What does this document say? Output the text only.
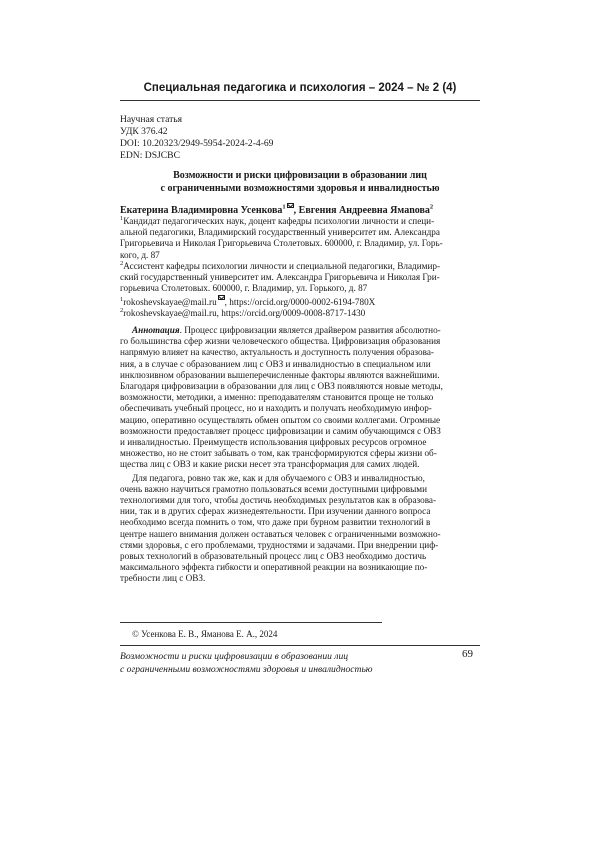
Специальная педагогика и психология – 2024 – № 2 (4)
Научная статья
УДК 376.42
DOI: 10.20323/2949-5954-2024-2-4-69
EDN: DSJCBC
Возможности и риски цифровизации в образовании лиц
с ограниченными возможностями здоровья и инвалидностью
Екатерина Владимировна Усенкова$^1$ , Евгения Андреевна Ямanова$^2$
$^1$Кандидат педагогических наук, доцент кафедры психологии личности и специ-
альной педагогики, Владимирский государственный университет им. Александра
Григорьевича и Николая Григорьевича Столетовых. 600000, г. Владимир, ул. Горь-
кого, д. 87
$^2$Ассистент кафедры психологии личности и специальной педагогики, Владимир-
ский государственный университет им. Александра Григорьевича и Николая Гри-
горьевича Столетовых. 600000, г. Владимир, ул. Горького, д. 87
$^1$rokoshevskayae@mail.ru , https://orcid.org/0000-0002-6194-780X
$^2$rokoshevskayae@mail.ru, https://orcid.org/0009-0008-8717-1430
Аннотация. Процесс цифровизации является драйвером развития абсолютно-
го большинства сфер жизни человеческого общества. Цифровизация образования
напрямую влияет на качество, актуальность и доступность получения образова-
ния, а в случае с образованием лиц с ОВЗ и инвалидностью в специальном или
инклюзивном образовании вышеперечисленные факторы являются важнейшими.
Благодаря цифровизации в образовании для лиц с ОВЗ появляются новые методы,
возможности, методики, а именно: преподавателям становится проще не только
обеспечивать учебный процесс, но и находить и получать необходимую инфор-
мацию, оперативно осуществлять обмен опытом со своими коллегами. Огромные
возможности предоставляет процесс цифровизации и самим обучающимся с ОВЗ
и инвалидностью. Преимуществ использования цифровых ресурсов огромное
множество, но не стоит забывать о том, как трансформируются сферы жизни об-
щества лиц с ОВЗ и какие риски несет эта трансформация для самих людей.
Для педагога, ровно так же, как и для обучаемого с ОВЗ и инвалидностью,
очень важно научиться грамотно пользоваться всеми доступными цифровыми
технологиями для того, чтобы достичь необходимых результатов как в образова-
нии, так и в других сферах жизнедеятельности. При изучении данного вопроса
необходимо всегда помнить о том, что даже при бурном развитии технологий в
центре нашего внимания должен оставаться человек с ограниченными возможно-
стями здоровья, с его проблемами, трудностями и задачами. При внедрении циф-
ровых технологий в образовательный процесс лиц с ОВЗ необходимо достичь
максимального эффекта гибкости и оперативной реакции на возникающие по-
требности лиц с ОВЗ.
© Усенкова Е. В., Яманова Е. А., 2024
Возможности и риски цифровизации в образовании лиц
с ограниченными возможностями здоровья и инвалидностью
69
